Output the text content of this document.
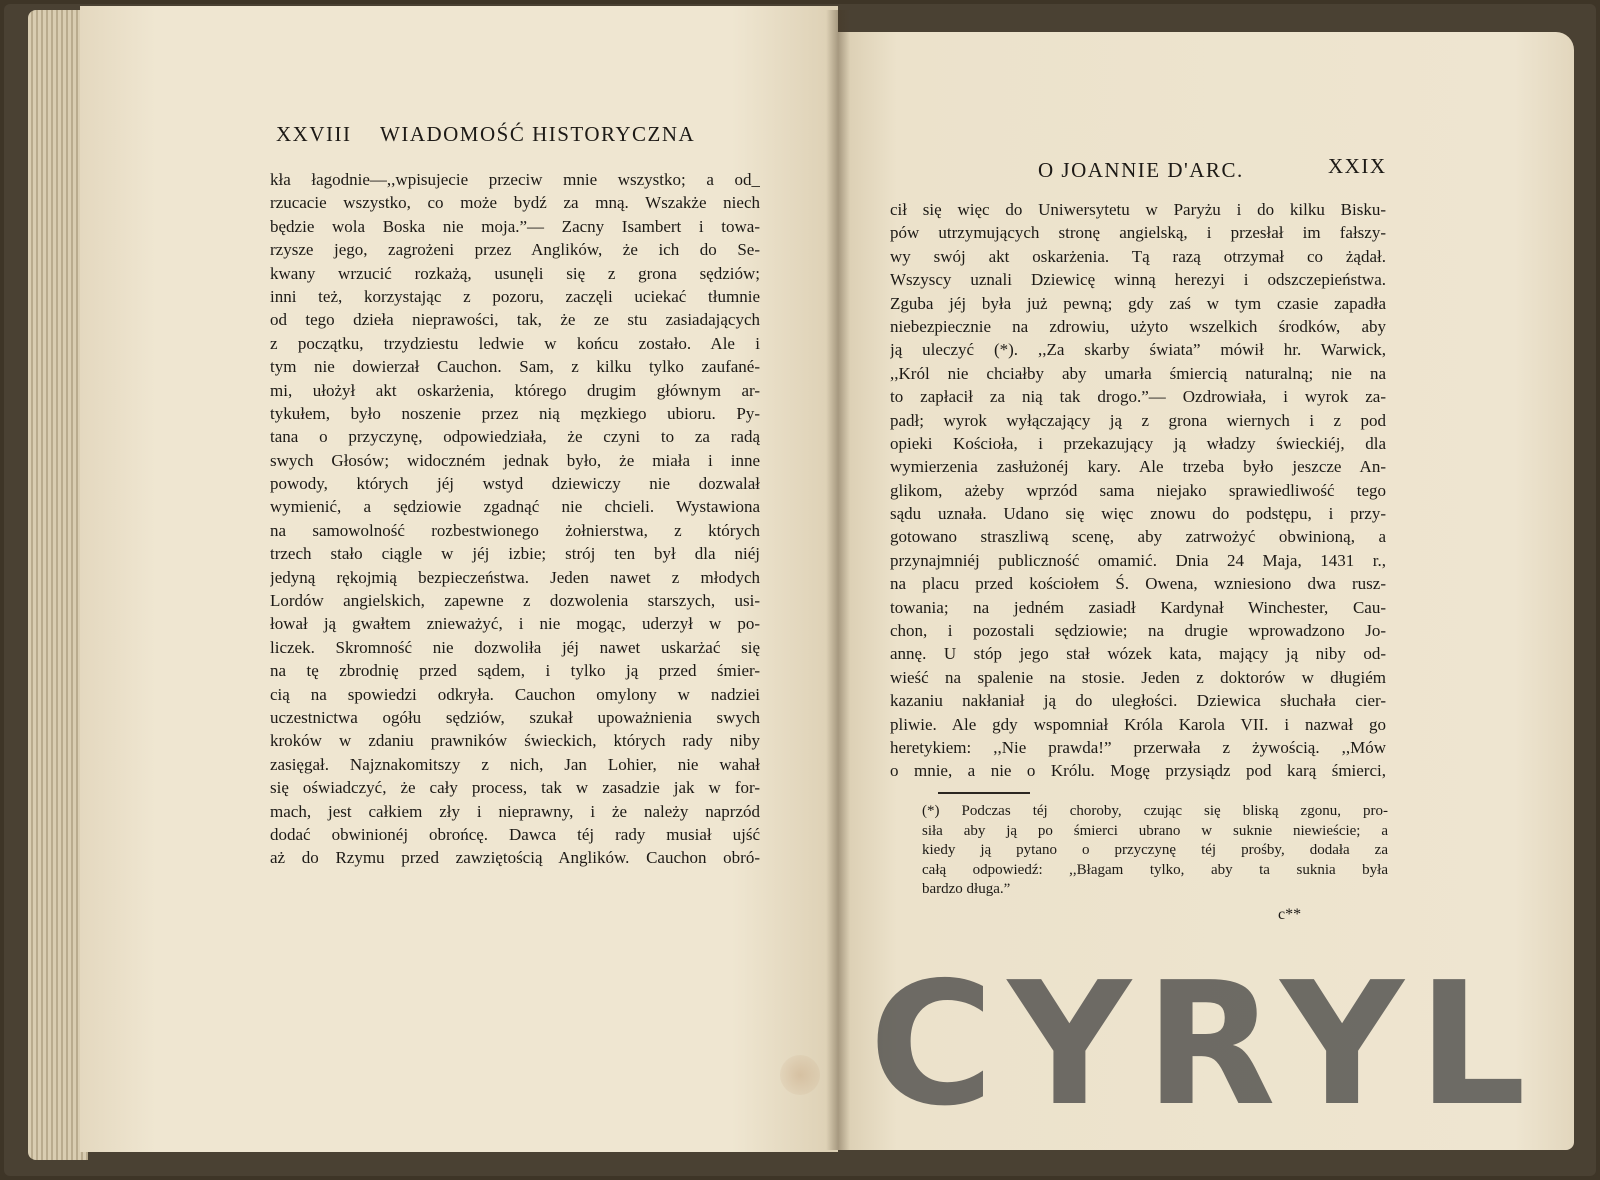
XXVIII WIADOMOŚĆ HISTORYCZNA
kła łagodnie—,,wpisujecie przeciw mnie wszystko; a od_
rzucacie wszystko, co może bydź za mną. Wszakże niech
będzie wola Boska nie moja.”— Zacny Isambert i towa-
rzysze jego, zagrożeni przez Anglików, że ich do Se-
kwany wrzucić rozkażą, usunęli się z grona sędziów;
inni też, korzystając z pozoru, zaczęli uciekać tłumnie
od tego dzieła nieprawości, tak, że ze stu zasiadających
z początku, trzydziestu ledwie w końcu zostało. Ale i
tym nie dowierzał Cauchon. Sam, z kilku tylko zaufané-
mi, ułożył akt oskarżenia, którego drugim głównym ar-
tykułem, było noszenie przez nią męzkiego ubioru. Py-
tana o przyczynę, odpowiedziała, że czyni to za radą
swych Głosów; widoczném jednak było, że miała i inne
powody, których jéj wstyd dziewiczy nie dozwalał
wymienić, a sędziowie zgadnąć nie chcieli. Wystawiona
na samowolność rozbestwionego żołnierstwa, z których
trzech stało ciągle w jéj izbie; strój ten był dla niéj
jedyną rękojmią bezpieczeństwa. Jeden nawet z młodych
Lordów angielskich, zapewne z dozwolenia starszych, usi-
łował ją gwałtem znieważyć, i nie mogąc, uderzył w po-
liczek. Skromność nie dozwoliła jéj nawet uskarżać się
na tę zbrodnię przed sądem, i tylko ją przed śmier-
cią na spowiedzi odkryła. Cauchon omylony w nadziei
uczestnictwa ogółu sędziów, szukał upoważnienia swych
kroków w zdaniu prawników świeckich, których rady niby
zasięgał. Najznakomitszy z nich, Jan Lohier, nie wahał
się oświadczyć, że cały process, tak w zasadzie jak w for-
mach, jest całkiem zły i nieprawny, i że należy naprzód
dodać obwinionéj obrońcę. Dawca téj rady musiał ujść
aż do Rzymu przed zawziętością Anglików. Cauchon obró-
O JOANNIE D'ARC.	XXIX
cił się więc do Uniwersytetu w Paryżu i do kilku Bisku-
pów utrzymujących stronę angielską, i przesłał im fałszy-
wy swój akt oskarżenia. Tą razą otrzymał co żądał.
Wszyscy uznali Dziewicę winną herezyi i odszczepieństwa.
Zguba jéj była już pewną; gdy zaś w tym czasie zapadła
niebezpiecznie na zdrowiu, użyto wszelkich środków, aby
ją uleczyć (*). ,,Za skarby świata” mówił hr. Warwick,
,,Król nie chciałby aby umarła śmiercią naturalną; nie na
to zapłacił za nią tak drogo.”— Ozdrowiała, i wyrok za-
padł; wyrok wyłączający ją z grona wiernych i z pod
opieki Kościoła, i przekazujący ją władzy świeckiéj, dla
wymierzenia zasłużonéj kary. Ale trzeba było jeszcze An-
glikom, ażeby wprzód sama niejako sprawiedliwość tego
sądu uznała. Udano się więc znowu do podstępu, i przy-
gotowano straszliwą scenę, aby zatrwożyć obwinioną, a
przynajmniéj publiczność omamić. Dnia 24 Maja, 1431 r.,
na placu przed kościołem Ś. Owena, wzniesiono dwa rusz-
towania; na jedném zasiadł Kardynał Winchester, Cau-
chon, i pozostali sędziowie; na drugie wprowadzono Jo-
annę. U stóp jego stał wózek kata, mający ją niby od-
wieść na spalenie na stosie. Jeden z doktorów w długiém
kazaniu nakłaniał ją do uległości. Dziewica słuchała cier-
pliwie. Ale gdy wspomniał Króla Karola VII. i nazwał go
heretykiem: ,,Nie prawda!” przerwała z żywością. ,,Mów
o mnie, a nie o Królu. Mogę przysiądz pod karą śmierci,
(*) Podczas téj choroby, czując się bliską zgonu, pro-
siła aby ją po śmierci ubrano w suknie niewieście; a
kiedy ją pytano o przyczynę téj prośby, dodała za
całą odpowiedź: ,,Błagam tylko, aby ta suknia była
bardzo długa.”
c**
CYRYL
